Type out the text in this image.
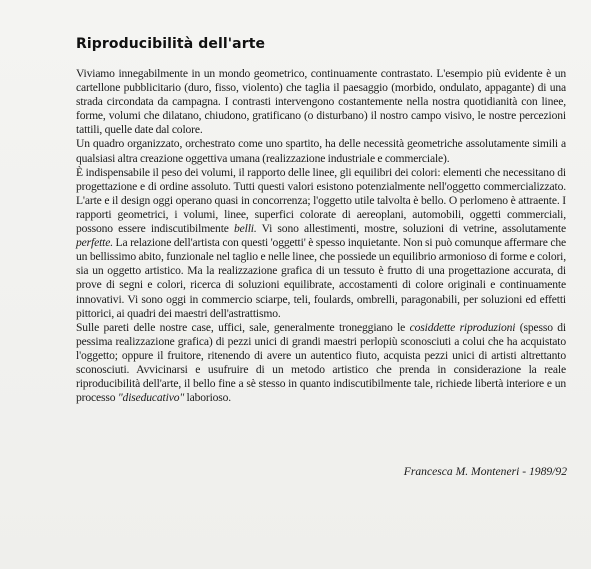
Riproducibilità dell'arte

Viviamo innegabilmente in un mondo geometrico, continuamente contrastato. L'esempio più evidente è un cartellone pubblicitario (duro, fisso, violento) che taglia il paesaggio (morbido, ondulato, appagante) di una strada circondata da campagna. I contrasti intervengono costantemente nella nostra quotidianità con linee, forme, volumi che dilatano, chiudono, gratificano (o disturbano) il nostro campo visivo, le nostre percezioni tattili, quelle date dal colore.

Un quadro organizzato, orchestrato come uno spartito, ha delle necessità geometriche assolutamente simili a qualsiasi altra creazione oggettiva umana (realizzazione industriale e commerciale).

È indispensabile il peso dei volumi, il rapporto delle linee, gli equilibri dei colori: elementi che necessitano di progettazione e di ordine assoluto. Tutti questi valori esistono potenzialmente nell'oggetto commercializzato. L'arte e il design oggi operano quasi in concorrenza; l'oggetto utile talvolta è bello. O perlomeno è attraente. I rapporti geometrici, i volumi, linee, superfici colorate di aereoplani, automobili, oggetti commerciali, possono essere indiscutibilmente belli. Vi sono allestimenti, mostre, soluzioni di vetrine, assolutamente perfette. La relazione dell'artista con questi 'oggetti' è spesso inquietante. Non si può comunque affermare che un bellissimo abito, funzionale nel taglio e nelle linee, che possiede un equilibrio armonioso di forme e colori, sia un oggetto artistico. Ma la realizzazione grafica di un tessuto è frutto di una progettazione accurata, di prove di segni e colori, ricerca di soluzioni equilibrate, accostamenti di colore originali e continuamente innovativi. Vi sono oggi in commercio sciarpe, teli, foulards, ombrelli, paragonabili, per soluzioni ed effetti pittorici, ai quadri dei maestri dell'astrattismo.

Sulle pareti delle nostre case, uffici, sale, generalmente troneggiano le cosiddette riproduzioni (spesso di pessima realizzazione grafica) di pezzi unici di grandi maestri perlopiù sconosciuti a colui che ha acquistato l'oggetto; oppure il fruitore, ritenendo di avere un autentico fiuto, acquista pezzi unici di artisti altrettanto sconosciuti. Avvicinarsi e usufruire di un metodo artistico che prenda in considerazione la reale riproducibilità dell'arte, il bello fine a sè stesso in quanto indiscutibilmente tale, richiede libertà interiore e un processo "diseducativo" laborioso.

Francesca M. Monteneri - 1989/92
